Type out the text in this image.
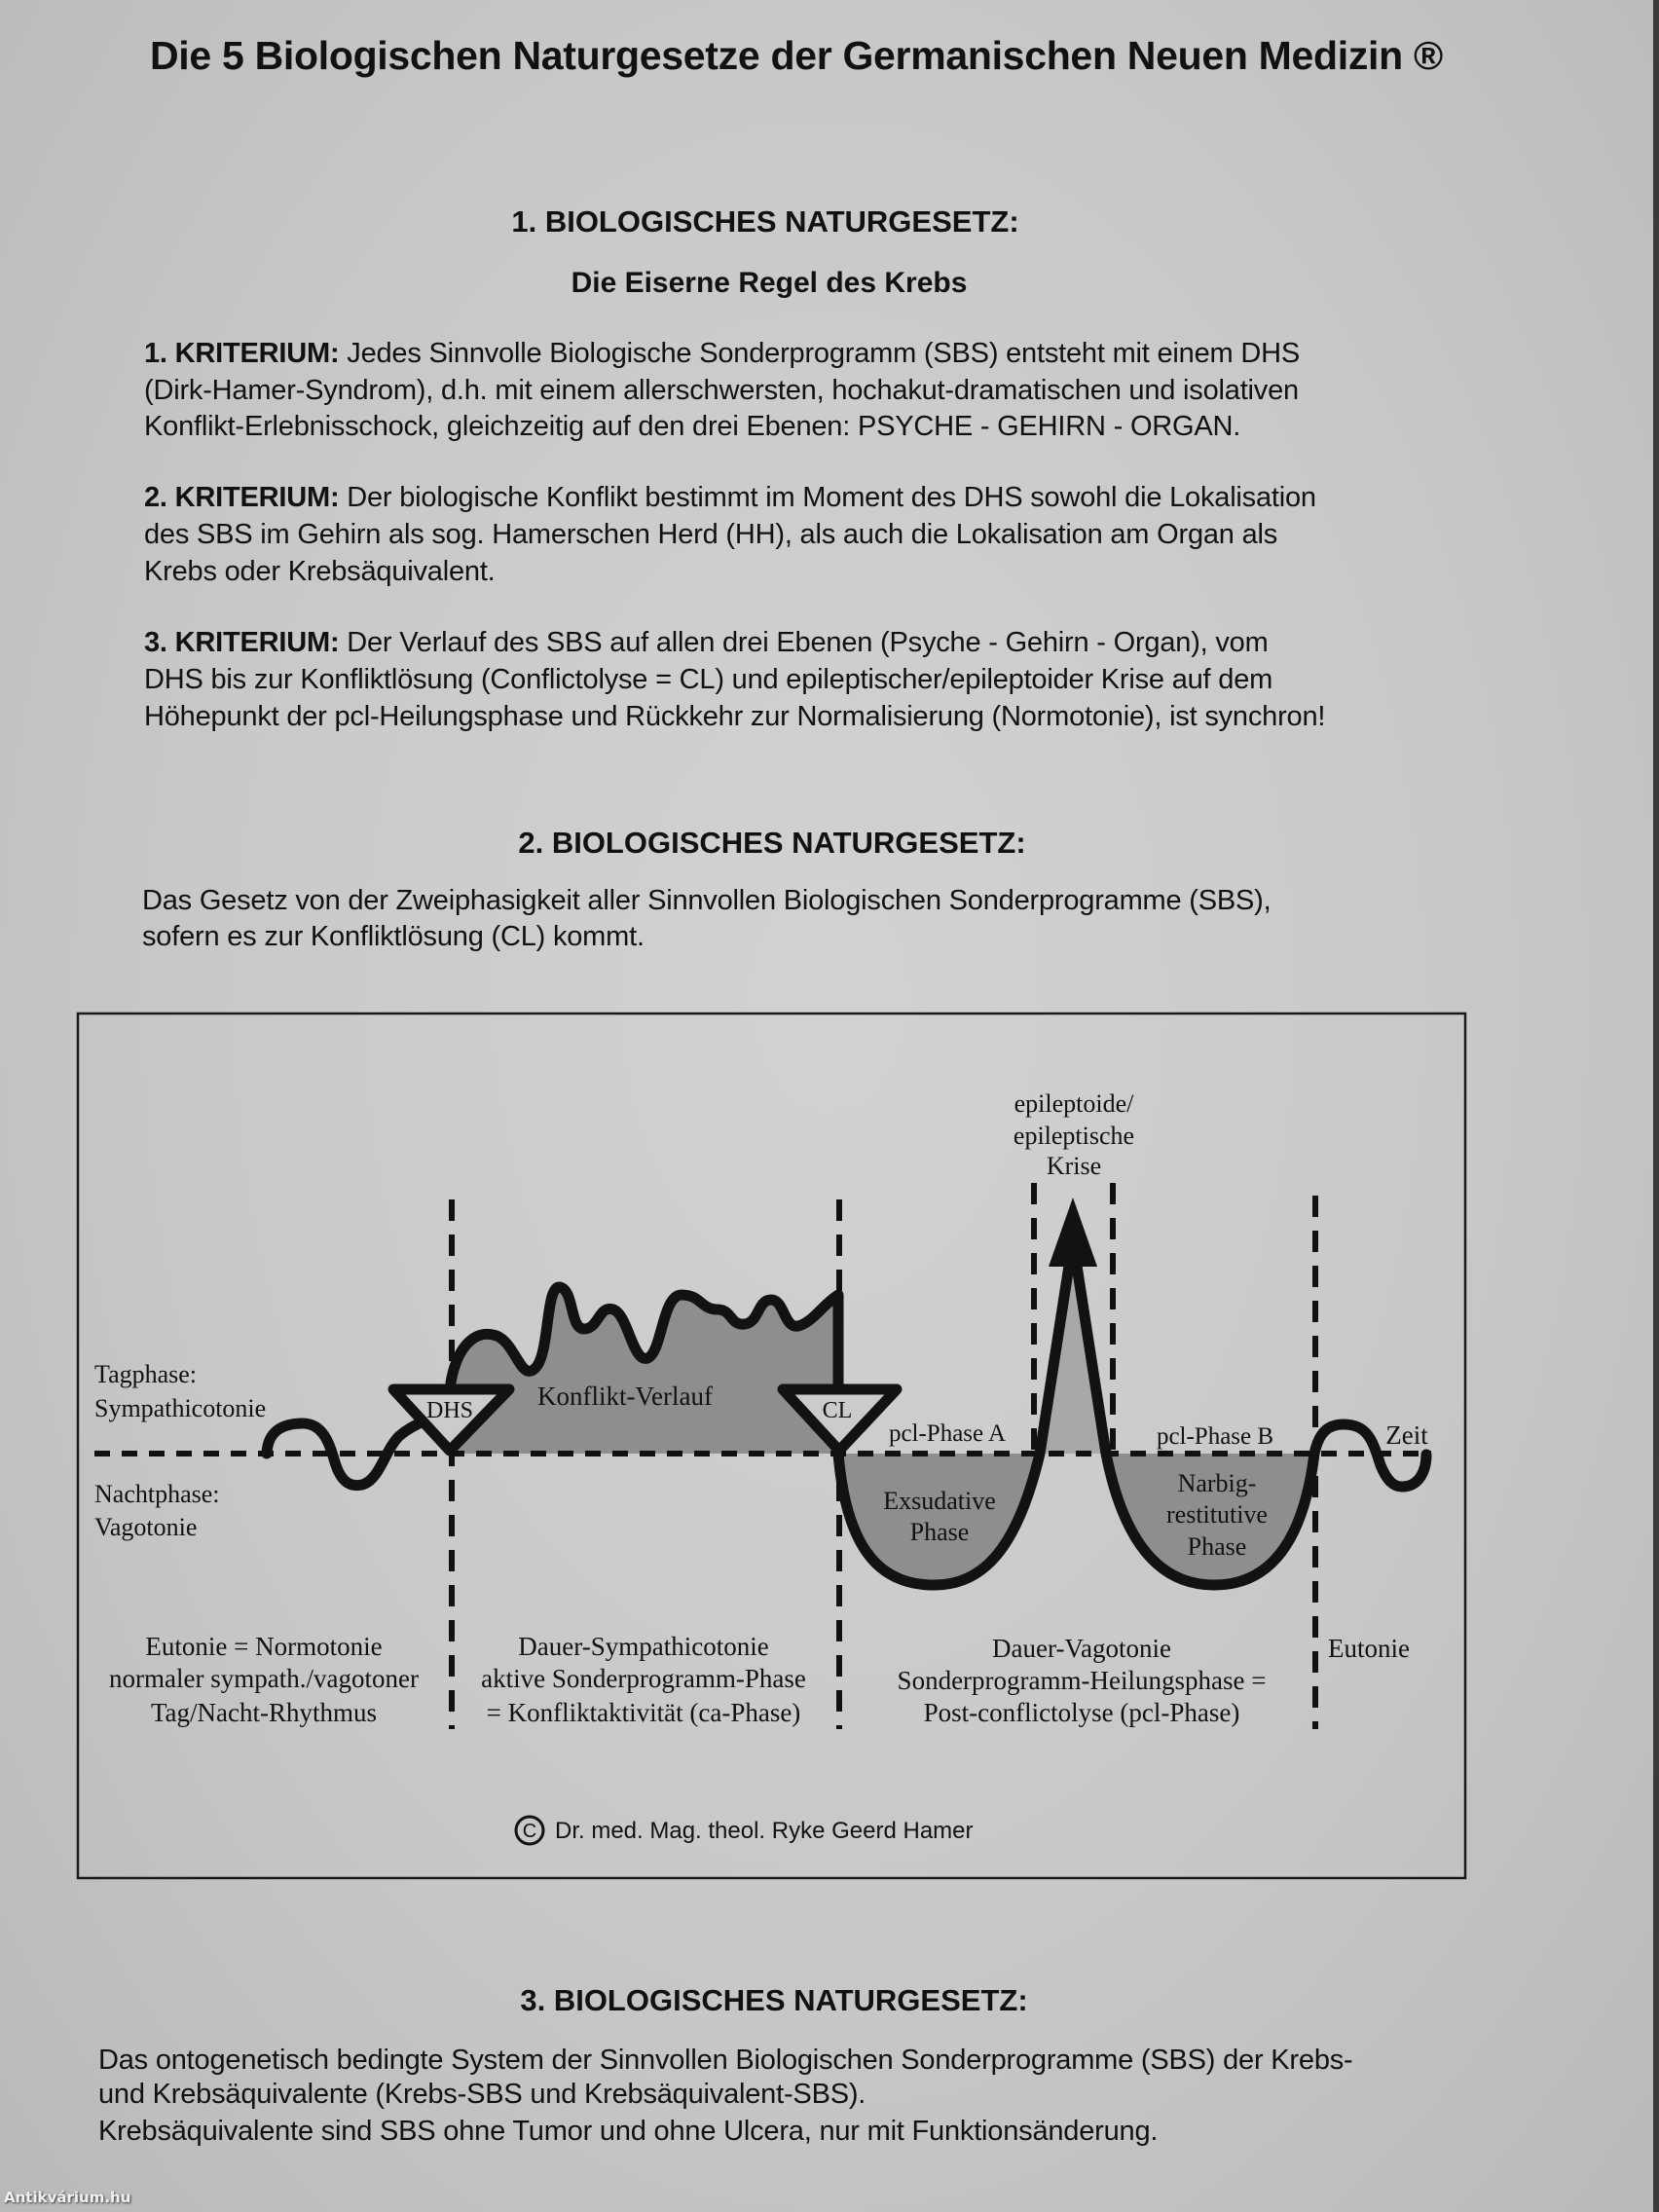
Die 5 Biologischen Naturgesetze der Germanischen Neuen Medizin ®
1. BIOLOGISCHES NATURGESETZ:
Die Eiserne Regel des Krebs
1. KRITERIUM: Jedes Sinnvolle Biologische Sonderprogramm (SBS) entsteht mit einem DHS
(Dirk-Hamer-Syndrom), d.h. mit einem allerschwersten, hochakut-dramatischen und isolativen
Konflikt-Erlebnisschock, gleichzeitig auf den drei Ebenen: PSYCHE - GEHIRN - ORGAN.
2. KRITERIUM: Der biologische Konflikt bestimmt im Moment des DHS sowohl die Lokalisation
des SBS im Gehirn als sog. Hamerschen Herd (HH), als auch die Lokalisation am Organ als
Krebs oder Krebsäquivalent.
3. KRITERIUM: Der Verlauf des SBS auf allen drei Ebenen (Psyche - Gehirn - Organ), vom
DHS bis zur Konfliktlösung (Conflictolyse = CL) und epileptischer/epileptoider Krise auf dem
Höhepunkt der pcl-Heilungsphase und Rückkehr zur Normalisierung (Normotonie), ist synchron!
2. BIOLOGISCHES NATURGESETZ:
Das Gesetz von der Zweiphasigkeit aller Sinnvollen Biologischen Sonderprogramme (SBS),
sofern es zur Konfliktlösung (CL) kommt.
DHS	CL
Konflikt-Verlauf
Tagphase:
Sympathicotonie
Nachtphase:
Vagotonie
epileptoide/
epileptische
Krise
pcl-Phase A	pcl-Phase B	Zeit
Exsudative
Phase
Narbig-
restitutive
Phase
Eutonie = Normotonie
normaler sympath./vagotoner
Tag/Nacht-Rhythmus
Dauer-Sympathicotonie
aktive Sonderprogramm-Phase
= Konfliktaktivität (ca-Phase)
Dauer-Vagotonie
Sonderprogramm-Heilungsphase =
Post-conflictolyse (pcl-Phase)
Eutonie
C Dr. med. Mag. theol. Ryke Geerd Hamer
3. BIOLOGISCHES NATURGESETZ:
Das ontogenetisch bedingte System der Sinnvollen Biologischen Sonderprogramme (SBS) der Krebs-
und Krebsäquivalente (Krebs-SBS und Krebsäquivalent-SBS).
Krebsäquivalente sind SBS ohne Tumor und ohne Ulcera, nur mit Funktionsänderung.
Antikvárium.hu
